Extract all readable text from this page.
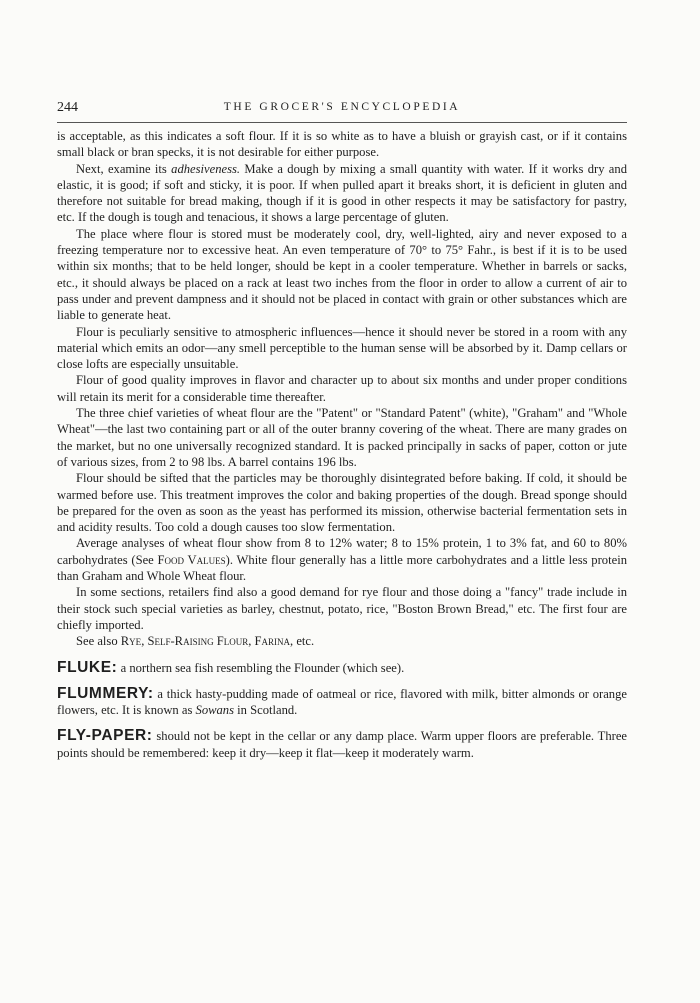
244	THE GROCER'S ENCYCLOPEDIA

is acceptable, as this indicates a soft flour. If it is so white as to have a bluish or grayish cast, or if it contains small black or bran specks, it is not desirable for either purpose.

Next, examine its adhesiveness. Make a dough by mixing a small quantity with water. If it works dry and elastic, it is good; if soft and sticky, it is poor. If when pulled apart it breaks short, it is deficient in gluten and therefore not suitable for bread making, though if it is good in other respects it may be satisfactory for pastry, etc. If the dough is tough and tenacious, it shows a large percentage of gluten.

The place where flour is stored must be moderately cool, dry, well-lighted, airy and never exposed to a freezing temperature nor to excessive heat. An even temperature of 70° to 75° Fahr., is best if it is to be used within six months; that to be held longer, should be kept in a cooler temperature. Whether in barrels or sacks, etc., it should always be placed on a rack at least two inches from the floor in order to allow a current of air to pass under and prevent dampness and it should not be placed in contact with grain or other substances which are liable to generate heat.

Flour is peculiarly sensitive to atmospheric influences—hence it should never be stored in a room with any material which emits an odor—any smell perceptible to the human sense will be absorbed by it. Damp cellars or close lofts are especially unsuitable.

Flour of good quality improves in flavor and character up to about six months and under proper conditions will retain its merit for a considerable time thereafter.

The three chief varieties of wheat flour are the "Patent" or "Standard Patent" (white), "Graham" and "Whole Wheat"—the last two containing part or all of the outer branny covering of the wheat. There are many grades on the market, but no one universally recognized standard. It is packed principally in sacks of paper, cotton or jute of various sizes, from 2 to 98 lbs. A barrel contains 196 lbs.

Flour should be sifted that the particles may be thoroughly disintegrated before baking. If cold, it should be warmed before use. This treatment improves the color and baking properties of the dough. Bread sponge should be prepared for the oven as soon as the yeast has performed its mission, otherwise bacterial fermentation sets in and acidity results. Too cold a dough causes too slow fermentation.

Average analyses of wheat flour show from 8 to 12% water; 8 to 15% protein, 1 to 3% fat, and 60 to 80% carbohydrates (See Food Values). White flour generally has a little more carbohydrates and a little less protein than Graham and Whole Wheat flour.

In some sections, retailers find also a good demand for rye flour and those doing a "fancy" trade include in their stock such special varieties as barley, chestnut, potato, rice, "Boston Brown Bread," etc. The first four are chiefly imported.

See also Rye, Self-Raising Flour, Farina, etc.

FLUKE: a northern sea fish resembling the Flounder (which see).

FLUMMERY: a thick hasty-pudding made of oatmeal or rice, flavored with milk, bitter almonds or orange flowers, etc. It is known as Sowans in Scotland.

FLY-PAPER: should not be kept in the cellar or any damp place. Warm upper floors are preferable. Three points should be remembered: keep it dry—keep it flat—keep it moderately warm.
